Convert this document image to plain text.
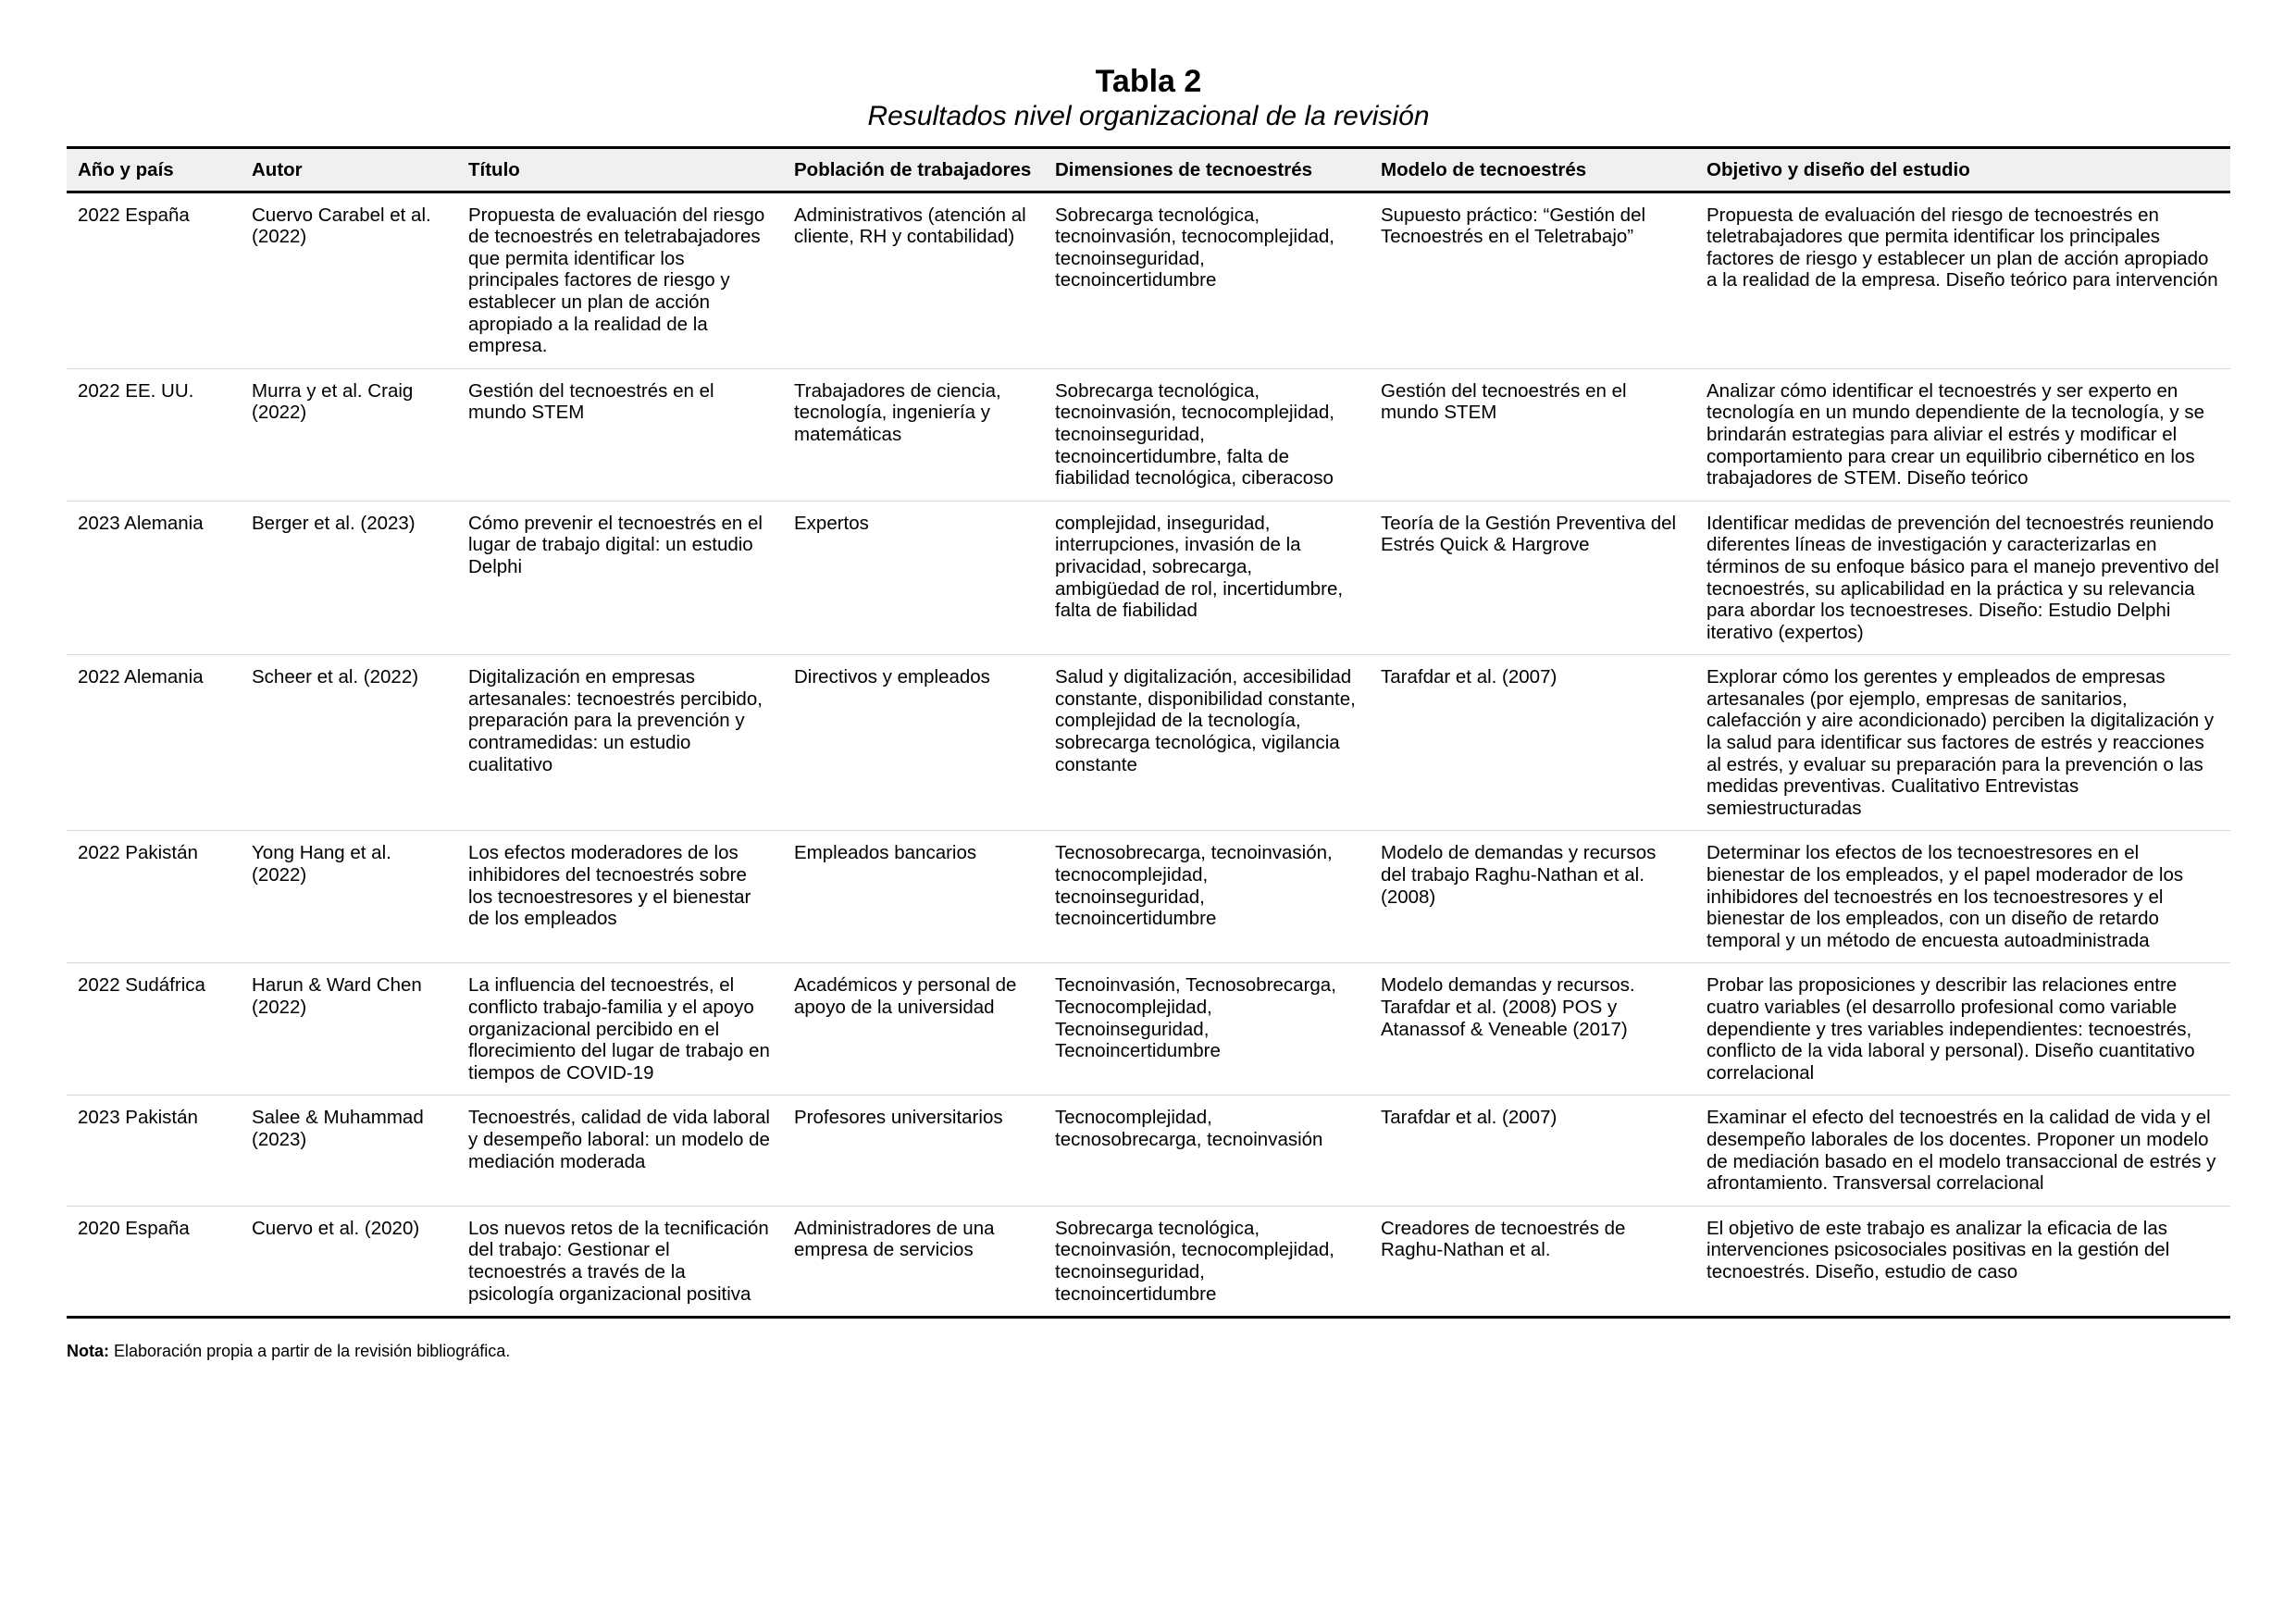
Tabla 2
Resultados nivel organizacional de la revisión
Año y país	Autor	Título	Población de trabajadores	Dimensiones de tecnoestrés	Modelo de tecnoestrés	Objetivo y diseño del estudio
2022 España	Cuervo Carabel et al. (2022)	Propuesta de evaluación del riesgo de tecnoestrés en teletrabajadores que permita identificar los principales factores de riesgo y establecer un plan de acción apropiado a la realidad de la empresa.	Administrativos (atención al cliente, RH y contabilidad)	Sobrecarga tecnológica, tecnoinvasión, tecnocomplejidad, tecnoinseguridad, tecnoincertidumbre	Supuesto práctico: “Gestión del Tecnoestrés en el Teletrabajo”	Propuesta de evaluación del riesgo de tecnoestrés en teletrabajadores que permita identificar los principales factores de riesgo y establecer un plan de acción apropiado a la realidad de la empresa. Diseño teórico para intervención
2022 EE. UU.	Murra y et al. Craig (2022)	Gestión del tecnoestrés en el mundo STEM	Trabajadores de ciencia, tecnología, ingeniería y matemáticas	Sobrecarga tecnológica, tecnoinvasión, tecnocomplejidad, tecnoinseguridad, tecnoincertidumbre, falta de fiabilidad tecnológica, ciberacoso	Gestión del tecnoestrés en el mundo STEM	Analizar cómo identificar el tecnoestrés y ser experto en tecnología en un mundo dependiente de la tecnología, y se brindarán estrategias para aliviar el estrés y modificar el comportamiento para crear un equilibrio cibernético en los trabajadores de STEM. Diseño teórico
2023 Alemania	Berger et al. (2023)	Cómo prevenir el tecnoestrés en el lugar de trabajo digital: un estudio Delphi	Expertos	complejidad, inseguridad, interrupciones, invasión de la privacidad, sobrecarga, ambigüedad de rol, incertidumbre, falta de fiabilidad	Teoría de la Gestión Preventiva del Estrés Quick & Hargrove	Identificar medidas de prevención del tecnoestrés reuniendo diferentes líneas de investigación y caracterizarlas en términos de su enfoque básico para el manejo preventivo del tecnoestrés, su aplicabilidad en la práctica y su relevancia para abordar los tecnoestreses. Diseño: Estudio Delphi iterativo (expertos)
2022 Alemania	Scheer et al. (2022)	Digitalización en empresas artesanales: tecnoestrés percibido, preparación para la prevención y contramedidas: un estudio cualitativo	Directivos y empleados	Salud y digitalización, accesibilidad constante, disponibilidad constante, complejidad de la tecnología, sobrecarga tecnológica, vigilancia constante	Tarafdar et al. (2007)	Explorar cómo los gerentes y empleados de empresas artesanales (por ejemplo, empresas de sanitarios, calefacción y aire acondicionado) perciben la digitalización y la salud para identificar sus factores de estrés y reacciones al estrés, y evaluar su preparación para la prevención o las medidas preventivas. Cualitativo Entrevistas semiestructuradas
2022 Pakistán	Yong Hang et al. (2022)	Los efectos moderadores de los inhibidores del tecnoestrés sobre los tecnoestresores y el bienestar de los empleados	Empleados bancarios	Tecnosobrecarga, tecnoinvasión, tecnocomplejidad, tecnoinseguridad, tecnoincertidumbre	Modelo de demandas y recursos del trabajo Raghu-Nathan et al. (2008)	Determinar los efectos de los tecnoestresores en el bienestar de los empleados, y el papel moderador de los inhibidores del tecnoestrés en los tecnoestresores y el bienestar de los empleados, con un diseño de retardo temporal y un método de encuesta autoadministrada
2022 Sudáfrica	Harun & Ward Chen (2022)	La influencia del tecnoestrés, el conflicto trabajo-familia y el apoyo organizacional percibido en el florecimiento del lugar de trabajo en tiempos de COVID-19	Académicos y personal de apoyo de la universidad	Tecnoinvasión, Tecnosobrecarga, Tecnocomplejidad, Tecnoinseguridad, Tecnoincertidumbre	Modelo demandas y recursos. Tarafdar et al. (2008) POS y Atanassof & Veneable (2017)	Probar las proposiciones y describir las relaciones entre cuatro variables (el desarrollo profesional como variable dependiente y tres variables independientes: tecnoestrés, conflicto de la vida laboral y personal). Diseño cuantitativo correlacional
2023 Pakistán	Salee & Muhammad (2023)	Tecnoestrés, calidad de vida laboral y desempeño laboral: un modelo de mediación moderada	Profesores universitarios	Tecnocomplejidad, tecnosobrecarga, tecnoinvasión	Tarafdar et al. (2007)	Examinar el efecto del tecnoestrés en la calidad de vida y el desempeño laborales de los docentes. Proponer un modelo de mediación basado en el modelo transaccional de estrés y afrontamiento. Transversal correlacional
2020 España	Cuervo et al. (2020)	Los nuevos retos de la tecnificación del trabajo: Gestionar el tecnoestrés a través de la psicología organizacional positiva	Administradores de una empresa de servicios	Sobrecarga tecnológica, tecnoinvasión, tecnocomplejidad, tecnoinseguridad, tecnoincertidumbre	Creadores de tecnoestrés de Raghu-Nathan et al.	El objetivo de este trabajo es analizar la eficacia de las intervenciones psicosociales positivas en la gestión del tecnoestrés. Diseño, estudio de caso
Nota: Elaboración propia a partir de la revisión bibliográfica.
